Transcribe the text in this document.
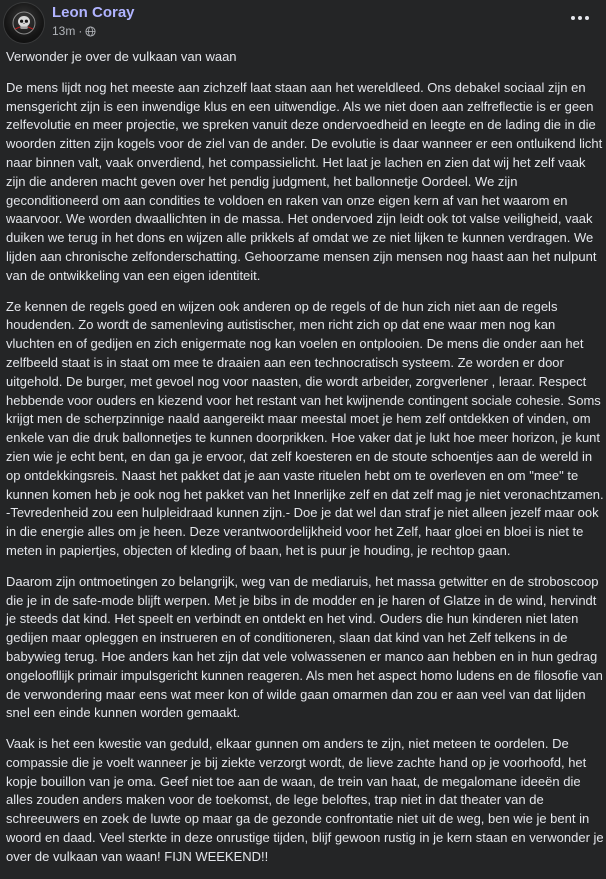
Leon Coray
13m ·

Verwonder je over de vulkaan van waan

De mens lijdt nog het meeste aan zichzelf laat staan aan het wereldleed. Ons debakel sociaal zijn en mensgericht zijn is een inwendige klus en een uitwendige. Als we niet doen aan zelfreflectie is er geen zelfevolutie en meer projectie, we spreken vanuit deze ondervoedheid en leegte en de lading die in die woorden zitten zijn kogels voor de ziel van de ander. De evolutie is daar wanneer er een ontluikend licht naar binnen valt, vaak onverdiend, het compassielicht. Het laat je lachen en zien dat wij het zelf vaak zijn die anderen macht geven over het pendig judgment, het ballonnetje Oordeel. We zijn geconditioneerd om aan condities te voldoen en raken van onze eigen kern af van het waarom en waarvoor. We worden dwaallichten in de massa. Het ondervoed zijn leidt ook tot valse veiligheid, vaak duiken we terug in het dons en wijzen alle prikkels af omdat we ze niet lijken te kunnen verdragen. We lijden aan chronische zelfonderschatting. Gehoorzame mensen zijn mensen nog haast aan het nulpunt van de ontwikkeling van een eigen identiteit.

Ze kennen de regels goed en wijzen ook anderen op de regels of de hun zich niet aan de regels houdenden. Zo wordt de samenleving autistischer, men richt zich op dat ene waar men nog kan vluchten en of gedijen en zich enigermate nog kan voelen en ontplooien. De mens die onder aan het zelfbeeld staat is in staat om mee te draaien aan een technocratisch systeem. Ze worden er door uitgehold. De burger, met gevoel nog voor naasten, die wordt arbeider, zorgverlener , leraar. Respect hebbende voor ouders en kiezend voor het restant van het kwijnende contingent sociale cohesie. Soms krijgt men de scherpzinnige naald aangereikt maar meestal moet je hem zelf ontdekken of vinden, om enkele van die druk ballonnetjes te kunnen doorprikken. Hoe vaker dat je lukt hoe meer horizon, je kunt zien wie je echt bent, en dan ga je ervoor, dat zelf koesteren en de stoute schoentjes aan de wereld in op ontdekkingsreis. Naast het pakket dat je aan vaste rituelen hebt om te overleven en om "mee" te kunnen komen heb je ook nog het pakket van het Innerlijke zelf en dat zelf mag je niet veronachtzamen. -Tevredenheid zou een hulpleidraad kunnen zijn.- Doe je dat wel dan straf je niet alleen jezelf maar ook in die energie alles om je heen. Deze verantwoordelijkheid voor het Zelf, haar gloei en bloei is niet te meten in papiertjes, objecten of kleding of baan, het is puur je houding, je rechtop gaan.

Daarom zijn ontmoetingen zo belangrijk, weg van de mediaruis, het massa getwitter en de stroboscoop die je in de safe-mode blijft werpen. Met je bibs in de modder en je haren of Glatze in de wind, hervindt je steeds dat kind. Het speelt en verbindt en ontdekt en het vind. Ouders die hun kinderen niet laten gedijen maar opleggen en instrueren en of conditioneren, slaan dat kind van het Zelf telkens in de babywieg terug. Hoe anders kan het zijn dat vele volwassenen er manco aan hebben en in hun gedrag ongeloofllijk primair impulsgericht kunnen reageren. Als men het aspect homo ludens en de filosofie van de verwondering maar eens wat meer kon of wilde gaan omarmen dan zou er aan veel van dat lijden snel een einde kunnen worden gemaakt.

Vaak is het een kwestie van geduld, elkaar gunnen om anders te zijn, niet meteen te oordelen. De compassie die je voelt wanneer je bij ziekte verzorgt wordt, de lieve zachte hand op je voorhoofd, het kopje bouillon van je oma. Geef niet toe aan de waan, de trein van haat, de megalomane ideeën die alles zouden anders maken voor de toekomst, de lege beloftes, trap niet in dat theater van de schreeuwers en zoek de luwte op maar ga de gezonde confrontatie niet uit de weg, ben wie je bent in woord en daad. Veel sterkte in deze onrustige tijden, blijf gewoon rustig in je kern staan en verwonder je over de vulkaan van waan! FIJN WEEKEND!!
